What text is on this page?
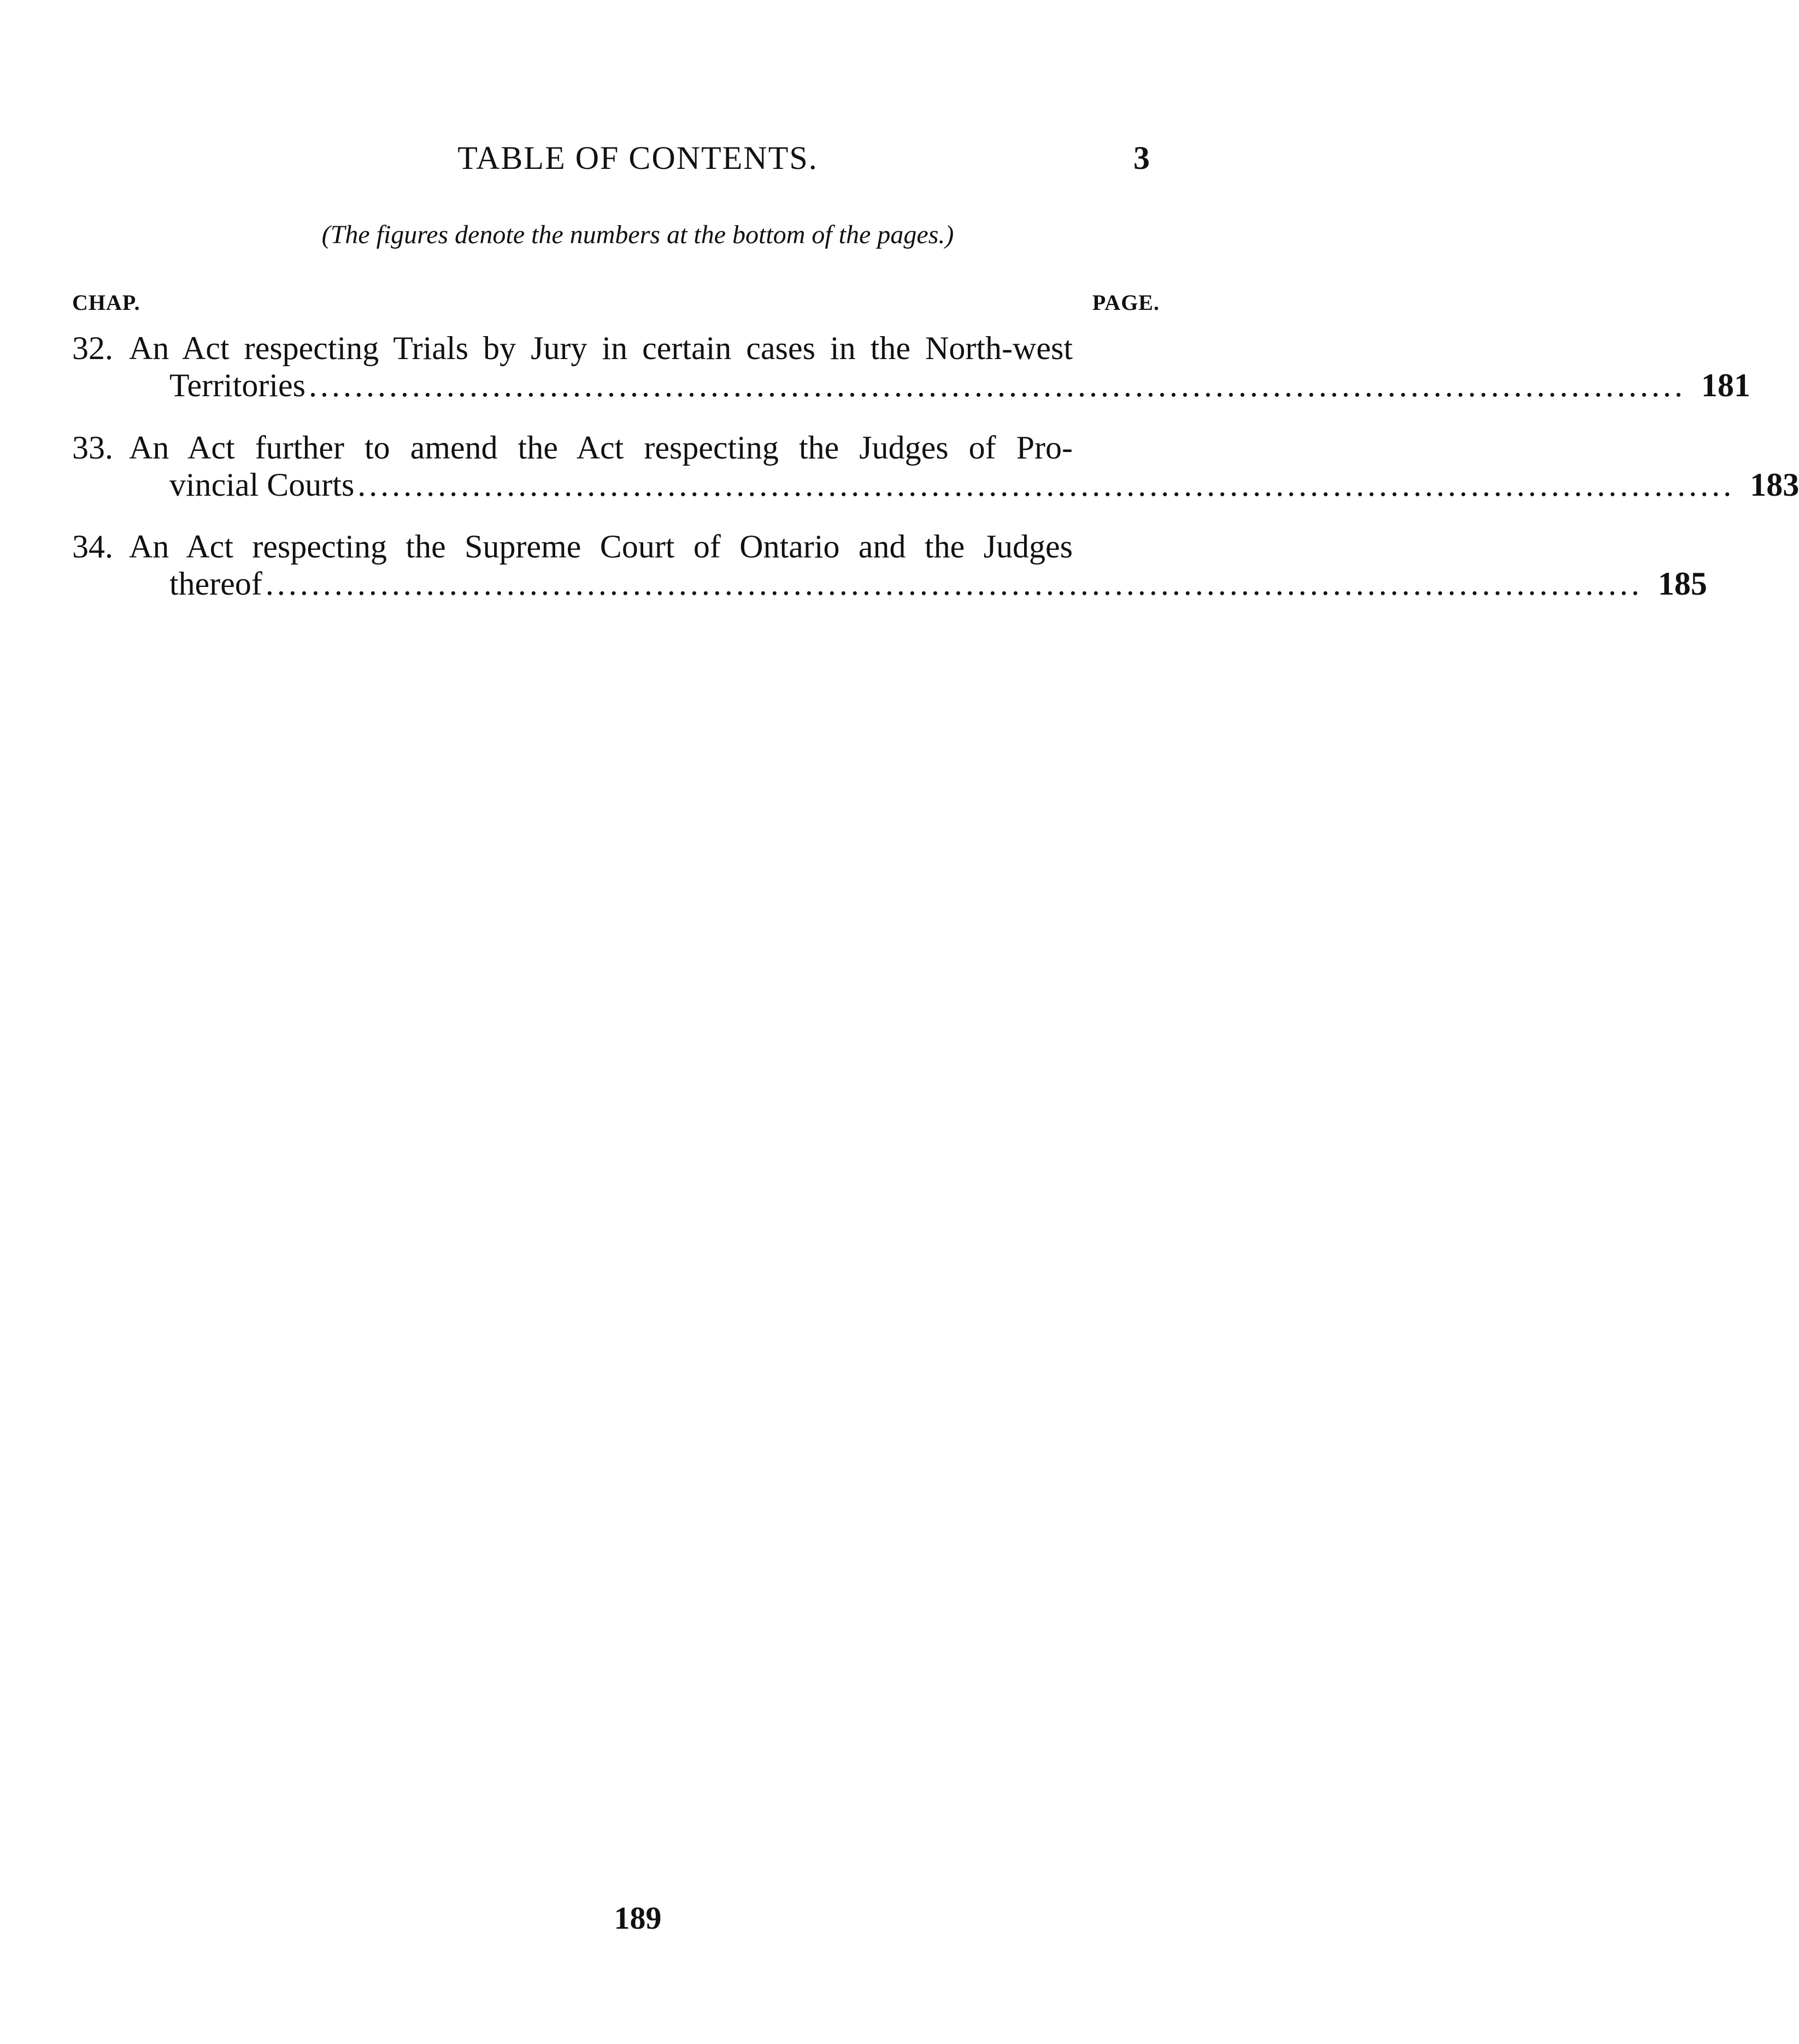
TABLE OF CONTENTS.	3
(The figures denote the numbers at the bottom of the pages.)
CHAP.	PAGE.
32. An Act respecting Trials by Jury in certain cases in the North-west
Territories ........................................................................................................................ 181
33. An Act further to amend the Act respecting the Judges of Pro-
vincial Courts ........................................................................................................................ 183
34. An Act respecting the Supreme Court of Ontario and the Judges
thereof ........................................................................................................................ 185
189
